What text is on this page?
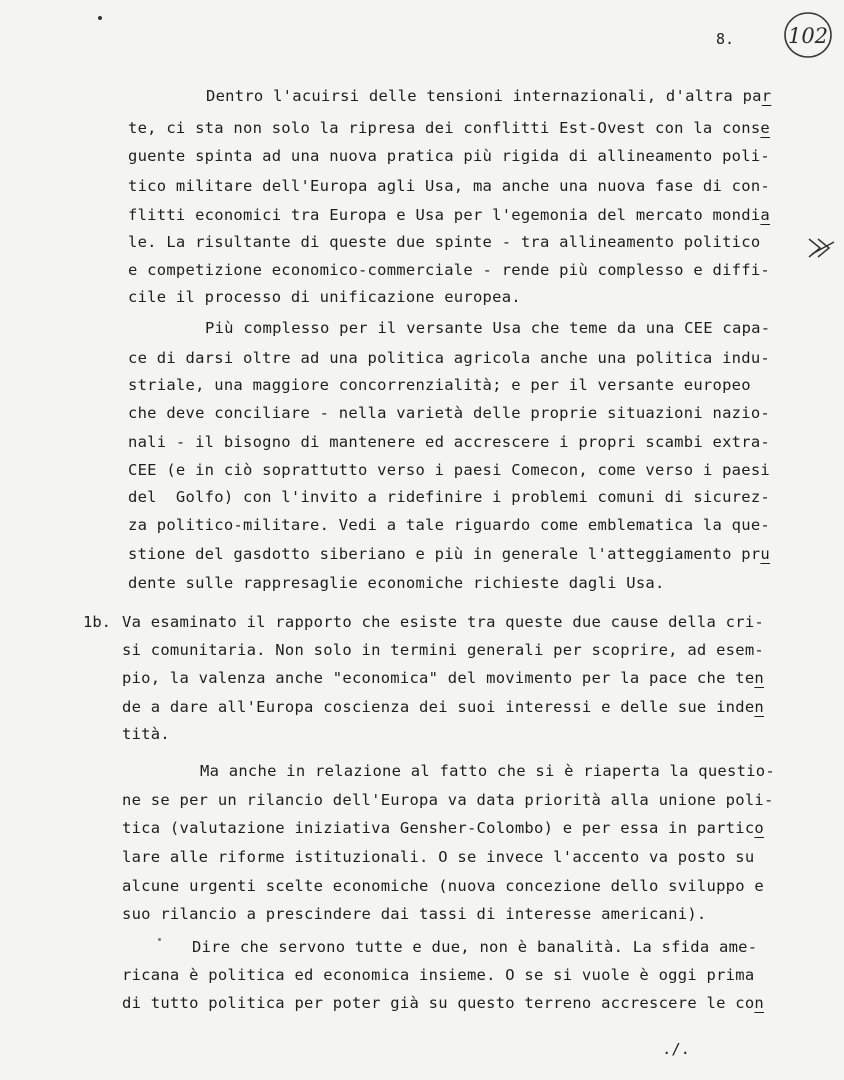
8.	102
1b.
Dentro l'acuirsi delle tensioni internazionali, d'altra par
te, ci sta non solo la ripresa dei conflitti Est-Ovest con la conse
guente spinta ad una nuova pratica più rigida di allineamento poli-
tico militare dell'Europa agli Usa, ma anche una nuova fase di con-
flitti economici tra Europa e Usa per l'egemonia del mercato mondia
le. La risultante di queste due spinte - tra allineamento politico
e competizione economico-commerciale - rende più complesso e diffi-
cile il processo di unificazione europea.
Più complesso per il versante Usa che teme da una CEE capa-
ce di darsi oltre ad una politica agricola anche una politica indu-
striale, una maggiore concorrenzialità; e per il versante europeo
che deve conciliare - nella varietà delle proprie situazioni nazio-
nali - il bisogno di mantenere ed accrescere i propri scambi extra-
CEE (e in ciò soprattutto verso i paesi Comecon, come verso i paesi
del  Golfo) con l'invito a ridefinire i problemi comuni di sicurez-
za politico-militare. Vedi a tale riguardo come emblematica la que-
stione del gasdotto siberiano e più in generale l'atteggiamento pru
dente sulle rappresaglie economiche richieste dagli Usa.
Va esaminato il rapporto che esiste tra queste due cause della cri-
si comunitaria. Non solo in termini generali per scoprire, ad esem-
pio, la valenza anche "economica" del movimento per la pace che ten
de a dare all'Europa coscienza dei suoi interessi e delle sue inden
tità.
Ma anche in relazione al fatto che si è riaperta la questio-
ne se per un rilancio dell'Europa va data priorità alla unione poli-
tica (valutazione iniziativa Gensher-Colombo) e per essa in partico
lare alle riforme istituzionali. O se invece l'accento va posto su
alcune urgenti scelte economiche (nuova concezione dello sviluppo e
suo rilancio a prescindere dai tassi di interesse americani).
Dire che servono tutte e due, non è banalità. La sfida ame-
ricana è politica ed economica insieme. O se si vuole è oggi prima
di tutto politica per poter già su questo terreno accrescere le con
./.
